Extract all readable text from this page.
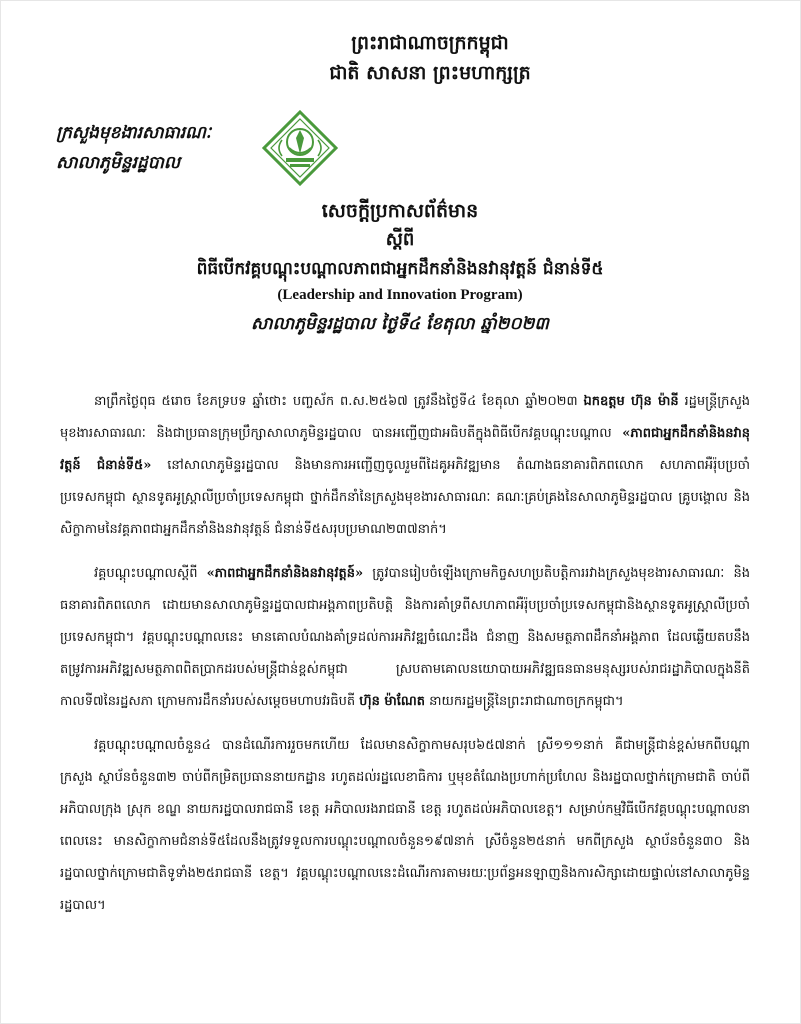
ព្រះរាជាណាចក្រកម្ពុជា
ជាតិ សាសនា ព្រះមហាក្សត្រ
ក្រសួងមុខងារសាធារណៈ
សាលាភូមិន្ទរដ្ឋបាល
សេចក្តីប្រកាសព័ត៌មាន
ស្តីពី
ពិធីបើកវគ្គបណ្តុះបណ្តាលភាពជាអ្នកដឹកនាំនិងនវានុវត្តន៍ ជំនាន់ទី៥
(Leadership and Innovation Program)
សាលាភូមិន្ទរដ្ឋបាល ថ្ងៃទី៤ ខែតុលា ឆ្នាំ២០២៣

នាព្រឹកថ្ងៃពុធ ៥រោច ខែភទ្របទ ឆ្នាំថោះ បញ្ចស័ក ព.ស.២៥៦៧ ត្រូវនឹងថ្ងៃទី៤ ខែតុលា ឆ្នាំ២០២៣ ឯកឧត្តម ហ៊ុន ម៉ានី រដ្ឋមន្ត្រីក្រសួងមុខងារសាធារណៈ និងជាប្រធានក្រុមប្រឹក្សាសាលាភូមិន្ទរដ្ឋបាល បានអញ្ជើញជាអធិបតីក្នុងពិធីបើកវគ្គបណ្តុះបណ្តាល «ភាពជាអ្នកដឹកនាំនិងនវានុវត្តន៍ ជំនាន់ទី៥» នៅសាលាភូមិន្ទរដ្ឋបាល និងមានការអញ្ជើញចូលរួមពីដៃគូអភិវឌ្ឍមាន តំណាងធនាគារពិភពលោក សហភាពអឺរ៉ុបប្រចាំប្រទេសកម្ពុជា ស្ថានទូតអូស្ត្រាលីប្រចាំប្រទេសកម្ពុជា ថ្នាក់ដឹកនាំនៃក្រសួងមុខងារសាធារណៈ គណៈគ្រប់គ្រងនៃសាលាភូមិន្ទរដ្ឋបាល គ្រូបង្គោល និងសិក្ខាកាមនៃវគ្គភាពជាអ្នកដឹកនាំនិងនវានុវត្តន៍ ជំនាន់ទី៥សរុបប្រមាណ២៣៧នាក់។

វគ្គបណ្តុះបណ្តាលស្តីពី «ភាពជាអ្នកដឹកនាំនិងនវានុវត្តន៍» ត្រូវបានរៀបចំឡើងក្រោមកិច្ចសហប្រតិបត្តិការរវាងក្រសួងមុខងារសាធារណៈ និងធនាគារពិភពលោក ដោយមានសាលាភូមិន្ទរដ្ឋបាលជាអង្គភាពប្រតិបត្តិ និងការគាំទ្រពីសហភាពអឺរ៉ុបប្រចាំប្រទេសកម្ពុជានិងស្ថានទូតអូស្ត្រាលីប្រចាំប្រទេសកម្ពុជា។ វគ្គបណ្តុះបណ្តាលនេះ មានគោលបំណងគាំទ្រដល់ការអភិវឌ្ឍចំណេះដឹង ជំនាញ និងសមត្ថភាពដឹកនាំអង្គភាព ដែលឆ្លើយតបនឹងតម្រូវការអភិវឌ្ឍសមត្ថភាពពិតប្រាកដរបស់មន្ត្រីជាន់ខ្ពស់កម្ពុជា ស្របតាមគោលនយោបាយអភិវឌ្ឍធនធានមនុស្សរបស់រាជរដ្ឋាភិបាលក្នុងនីតិកាលទី៧នៃរដ្ឋសភា ក្រោមការដឹកនាំរបស់សម្តេចមហាបវរធិបតី ហ៊ុន ម៉ាណែត នាយករដ្ឋមន្ត្រីនៃព្រះរាជាណាចក្រកម្ពុជា។

វគ្គបណ្តុះបណ្តាលចំនួន៤ បានដំណើរការរួចមកហើយ ដែលមានសិក្ខាកាមសរុប៦៥៧នាក់ ស្រី១១១នាក់ គឺជាមន្ត្រីជាន់ខ្ពស់មកពីបណ្តាក្រសួង ស្ថាប័នចំនួន៣២ ចាប់ពីកម្រិតប្រធាននាយកដ្ឋាន រហូតដល់រដ្ឋលេខាធិការ ឬមុខតំណែងប្រហាក់ប្រហែល និងរដ្ឋបាលថ្នាក់ក្រោមជាតិ ចាប់ពីអភិបាលក្រុង ស្រុក ខណ្ឌ នាយករដ្ឋបាលរាជធានី ខេត្ត អភិបាលរងរាជធានី ខេត្ត រហូតដល់អភិបាលខេត្ត។ សម្រាប់កម្មវិធីបើកវគ្គបណ្តុះបណ្តាលនាពេលនេះ មានសិក្ខាកាមជំនាន់ទី៥ដែលនឹងត្រូវទទួលការបណ្តុះបណ្តាលចំនួន១៩៧នាក់ ស្រីចំនួន២៥នាក់ មកពីក្រសួង ស្ថាប័នចំនួន៣០ និងរដ្ឋបាលថ្នាក់ក្រោមជាតិទូទាំង២៥រាជធានី ខេត្ត។ វគ្គបណ្តុះបណ្តាលនេះដំណើរការតាមរយៈប្រព័ន្ធអនឡាញនិងការសិក្សាដោយផ្ទាល់នៅសាលាភូមិន្ទរដ្ឋបាល។
